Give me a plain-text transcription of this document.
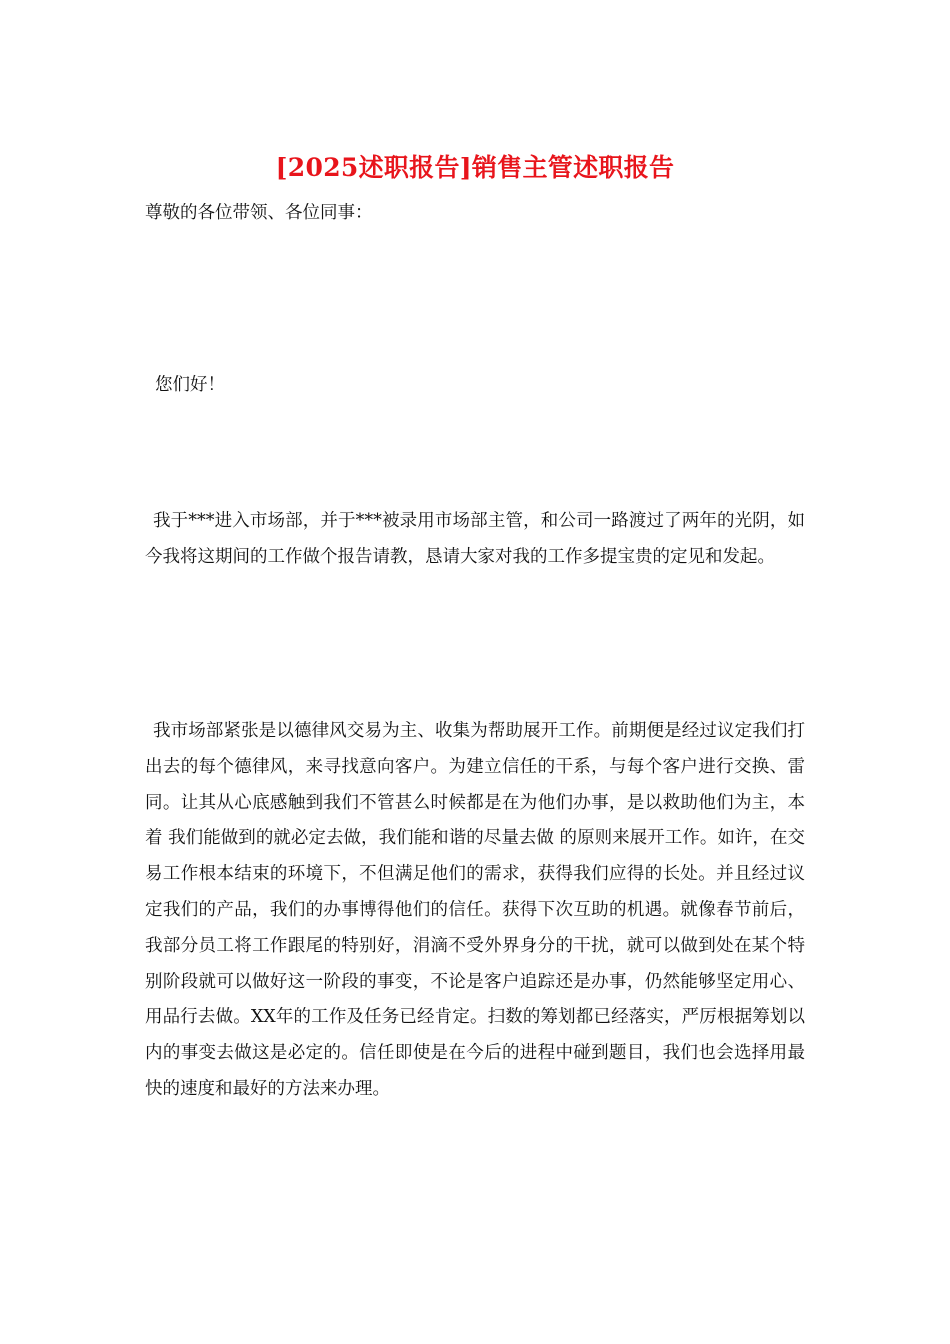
[2025述职报告]销售主管述职报告
尊敬的各位带领、各位同事：
您们好！

我于***进入市场部，并于***被录用市场部主管，和公司一路渡过了两年的光阴，如今我将这期间的工作做个报告请教，恳请大家对我的工作多提宝贵的定见和发起。

我市场部紧张是以德律风交易为主、收集为帮助展开工作。前期便是经过议定我们打出去的每个德律风，来寻找意向客户。为建立信任的干系，与每个客户进行交换、雷同。让其从心底感触到我们不管甚么时候都是在为他们办事，是以救助他们为主，本着 我们能做到的就必定去做，我们能和谐的尽量去做 的原则来展开工作。如许，在交易工作根本结束的环境下，不但满足他们的需求，获得我们应得的长处。并且经过议定我们的产品，我们的办事博得他们的信任。获得下次互助的机遇。就像春节前后，我部分员工将工作跟尾的特别好，涓滴不受外界身分的干扰，就可以做到处在某个特别阶段就可以做好这一阶段的事变，不论是客户追踪还是办事，仍然能够坚定用心、用品行去做。XX年的工作及任务已经肯定。扫数的筹划都已经落实，严厉根据筹划以内的事变去做这是必定的。信任即使是在今后的进程中碰到题目，我们也会选择用最快的速度和最好的方法来办理。
